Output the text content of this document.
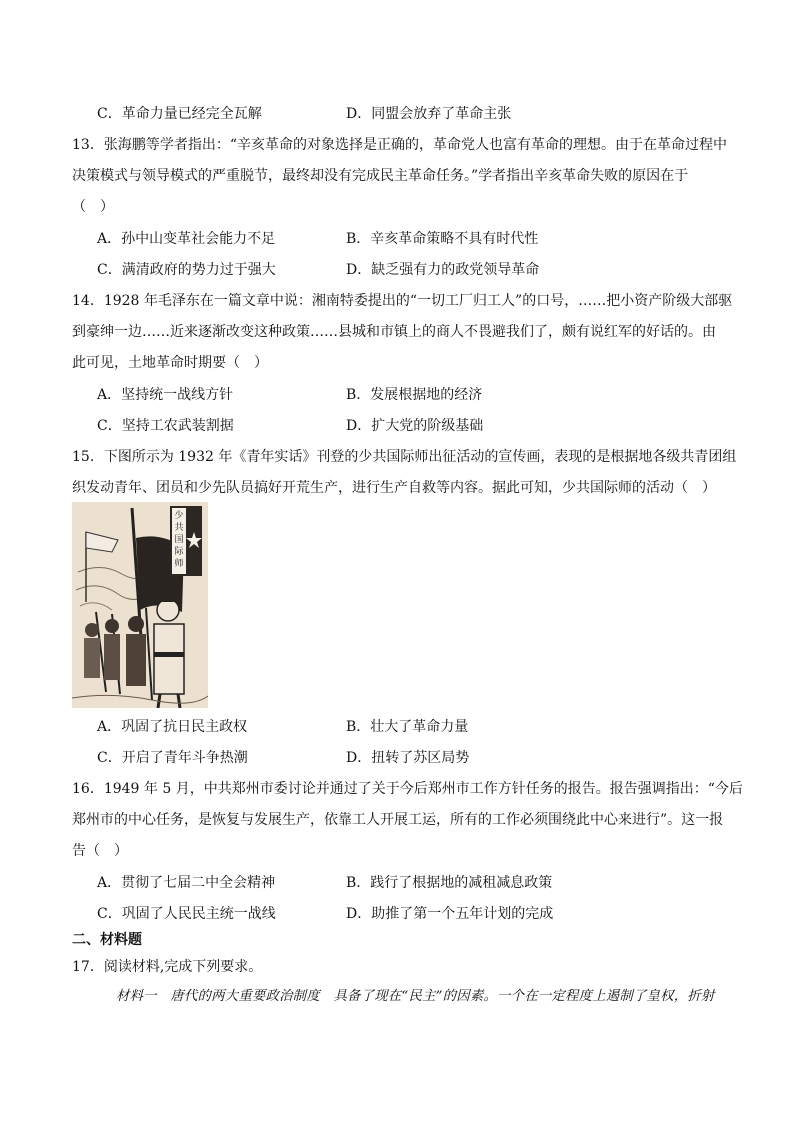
C．革命力量已经完全瓦解	D．同盟会放弃了革命主张
13．张海鹏等学者指出：“辛亥革命的对象选择是正确的，革命党人也富有革命的理想。由于在革命过程中
决策模式与领导模式的严重脱节，最终却没有完成民主革命任务。”学者指出辛亥革命失败的原因在于
（　）
A．孙中山变革社会能力不足	B．辛亥革命策略不具有时代性
C．满清政府的势力过于强大	D．缺乏强有力的政党领导革命
14．1928 年毛泽东在一篇文章中说：湘南特委提出的“一切工厂归工人”的口号，……把小资产阶级大部驱
到豪绅一边……近来逐渐改变这种政策……县城和市镇上的商人不畏避我们了，颇有说红军的好话的。由
此可见，土地革命时期要（　）
A．坚持统一战线方针	B．发展根据地的经济
C．坚持工农武装割据	D．扩大党的阶级基础
15．下图所示为 1932 年《青年实话》刊登的少共国际师出征活动的宣传画，表现的是根据地各级共青团组
织发动青年、团员和少先队员搞好开荒生产，进行生产自救等内容。据此可知，少共国际师的活动（　）
少共国际师
A．巩固了抗日民主政权	B．壮大了革命力量
C．开启了青年斗争热潮	D．扭转了苏区局势
16．1949 年 5 月，中共郑州市委讨论并通过了关于今后郑州市工作方针任务的报告。报告强调指出：“今后
郑州市的中心任务，是恢复与发展生产，依靠工人开展工运，所有的工作必须围绕此中心来进行”。这一报
告（　）
A．贯彻了七届二中全会精神	B．践行了根据地的减租减息政策
C．巩固了人民民主统一战线	D．助推了第一个五年计划的完成
二、材料题
17．阅读材料,完成下列要求。
材料一　唐代的两大重要政治制度　具备了现在“民主”的因素。一个在一定程度上遏制了皇权，折射
